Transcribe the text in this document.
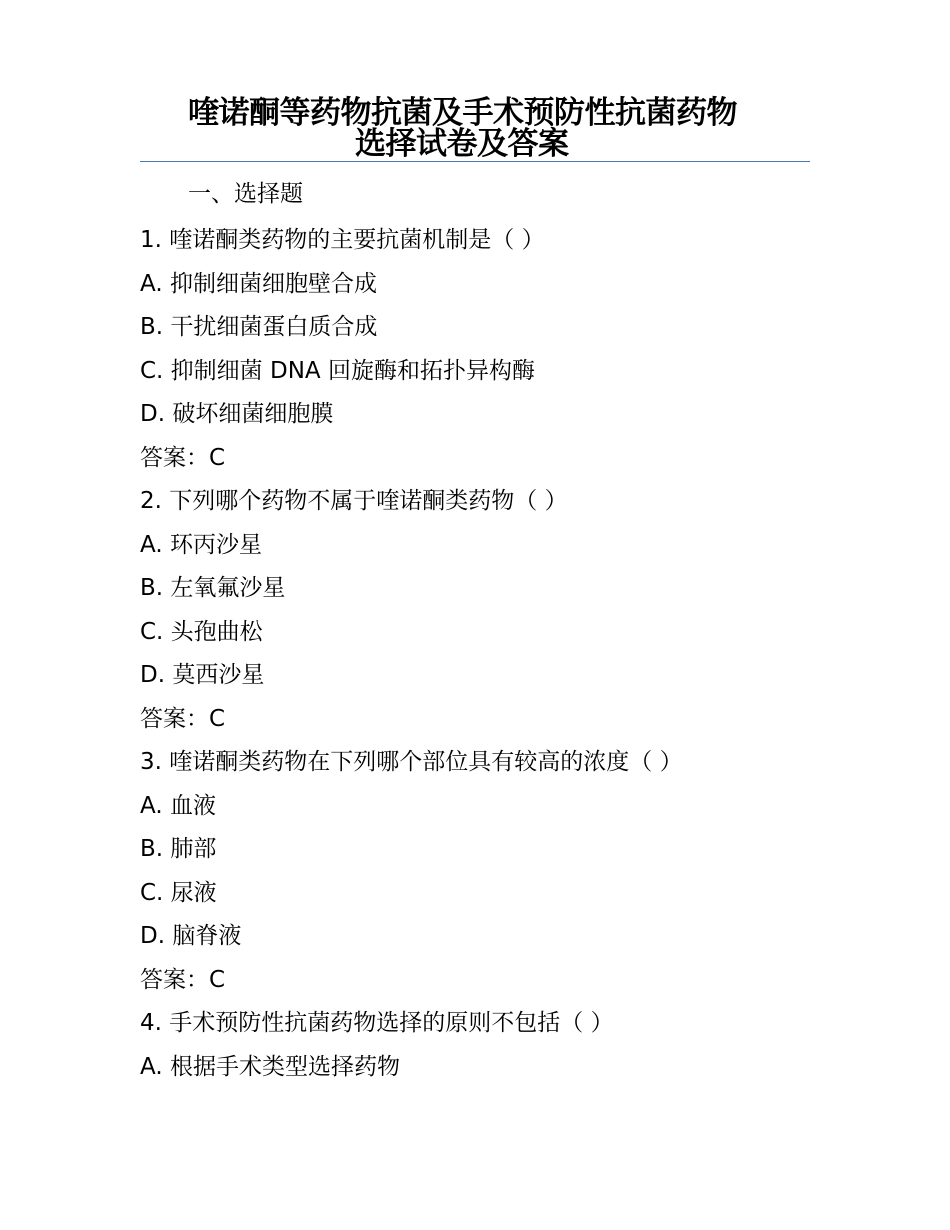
喹诺酮等药物抗菌及手术预防性抗菌药物
选择试卷及答案
一、选择题
1. 喹诺酮类药物的主要抗菌机制是（ ）
A. 抑制细菌细胞壁合成
B. 干扰细菌蛋白质合成
C. 抑制细菌 DNA 回旋酶和拓扑异构酶
D. 破坏细菌细胞膜
答案：C
2. 下列哪个药物不属于喹诺酮类药物（ ）
A. 环丙沙星
B. 左氧氟沙星
C. 头孢曲松
D. 莫西沙星
答案：C
3. 喹诺酮类药物在下列哪个部位具有较高的浓度（ ）
A. 血液
B. 肺部
C. 尿液
D. 脑脊液
答案：C
4. 手术预防性抗菌药物选择的原则不包括（ ）
A. 根据手术类型选择药物
